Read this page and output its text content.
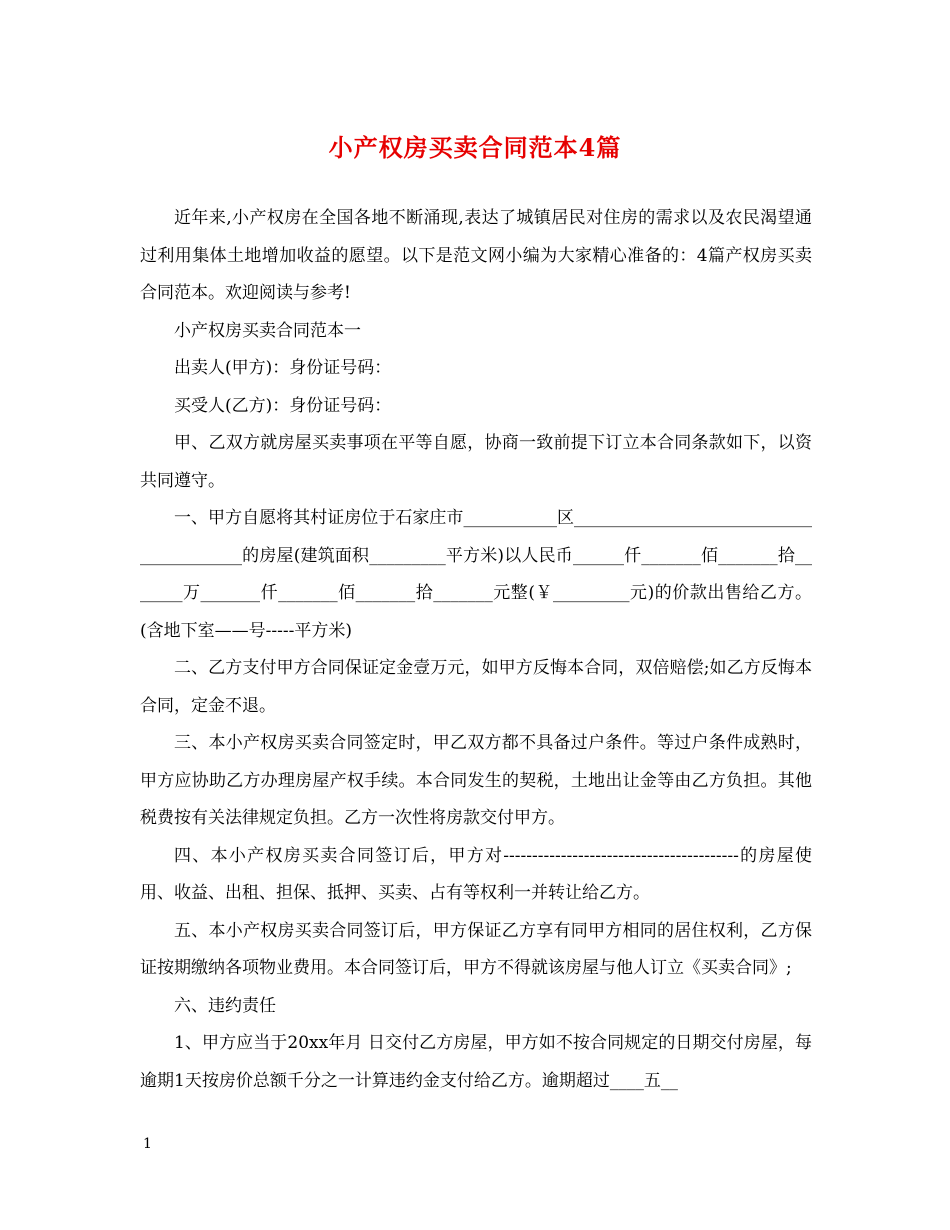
小产权房买卖合同范本4篇

近年来,小产权房在全国各地不断涌现,表达了城镇居民对住房的需求以及农民渴望通过利用集体土地增加收益的愿望。以下是范文网小编为大家精心准备的：4篇产权房买卖合同范本。欢迎阅读与参考!

小产权房买卖合同范本一

出卖人(甲方)：身份证号码：

买受人(乙方)：身份证号码：

甲、乙双方就房屋买卖事项在平等自愿，协商一致前提下订立本合同条款如下，以资共同遵守。

一、甲方自愿将其村证房位于石家庄市___________区________________________________________的房屋(建筑面积_________平方米)以人民币______仟_______佰_______拾_______万_______仟_______佰_______拾_______元整(￥_________元)的价款出售给乙方。(含地下室——号-----平方米)

二、乙方支付甲方合同保证定金壹万元，如甲方反悔本合同，双倍赔偿;如乙方反悔本合同，定金不退。

三、本小产权房买卖合同签定时，甲乙双方都不具备过户条件。等过户条件成熟时，甲方应协助乙方办理房屋产权手续。本合同发生的契税，土地出让金等由乙方负担。其他税费按有关法律规定负担。乙方一次性将房款交付甲方。

四、本小产权房买卖合同签订后，甲方对-----------------------------------------的房屋使用、收益、出租、担保、抵押、买卖、占有等权利一并转让给乙方。

五、本小产权房买卖合同签订后，甲方保证乙方享有同甲方相同的居住权利，乙方保证按期缴纳各项物业费用。本合同签订后，甲方不得就该房屋与他人订立《买卖合同》;

六、违约责任

1、甲方应当于20xx年月 日交付乙方房屋，甲方如不按合同规定的日期交付房屋，每逾期1天按房价总额千分之一计算违约金支付给乙方。逾期超过____五__

1
